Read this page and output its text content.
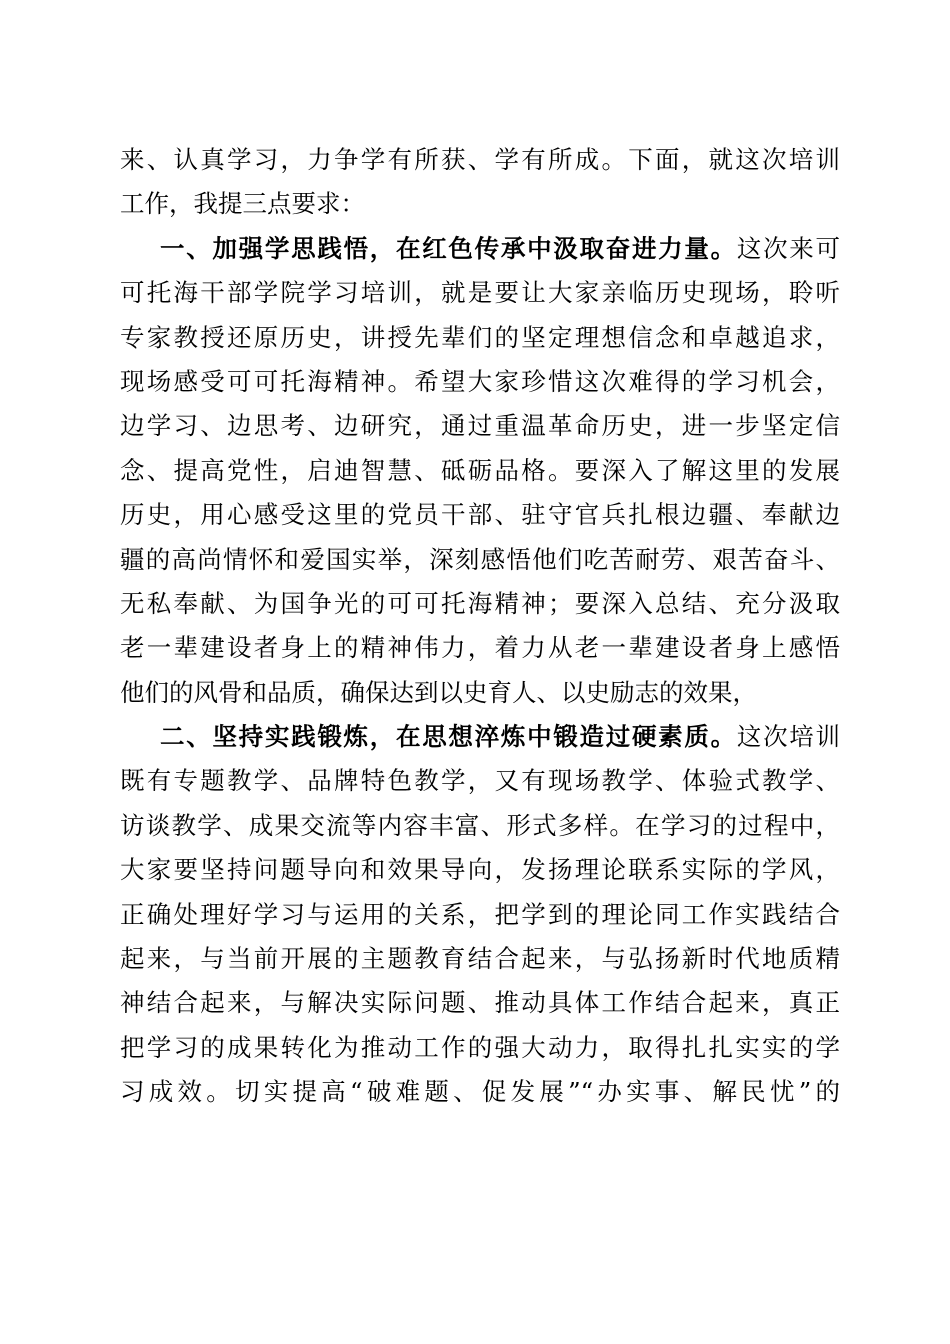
来、认真学习，力争学有所获、学有所成。下面，就这次培训
工作，我提三点要求：
一、加强学思践悟，在红色传承中汲取奋进力量。这次来可
可托海干部学院学习培训，就是要让大家亲临历史现场，聆听
专家教授还原历史，讲授先辈们的坚定理想信念和卓越追求，
现场感受可可托海精神。希望大家珍惜这次难得的学习机会，
边学习、边思考、边研究，通过重温革命历史，进一步坚定信
念、提高党性，启迪智慧、砥砺品格。要深入了解这里的发展
历史，用心感受这里的党员干部、驻守官兵扎根边疆、奉献边
疆的高尚情怀和爱国实举，深刻感悟他们吃苦耐劳、艰苦奋斗、
无私奉献、为国争光的可可托海精神；要深入总结、充分汲取
老一辈建设者身上的精神伟力，着力从老一辈建设者身上感悟
他们的风骨和品质，确保达到以史育人、以史励志的效果，
二、坚持实践锻炼，在思想淬炼中锻造过硬素质。这次培训
既有专题教学、品牌特色教学，又有现场教学、体验式教学、
访谈教学、成果交流等内容丰富、形式多样。在学习的过程中，
大家要坚持问题导向和效果导向，发扬理论联系实际的学风，
正确处理好学习与运用的关系，把学到的理论同工作实践结合
起来，与当前开展的主题教育结合起来，与弘扬新时代地质精
神结合起来，与解决实际问题、推动具体工作结合起来，真正
把学习的成果转化为推动工作的强大动力，取得扎扎实实的学
习成效。切实提高“破难题、促发展”“办实事、解民忧”的
